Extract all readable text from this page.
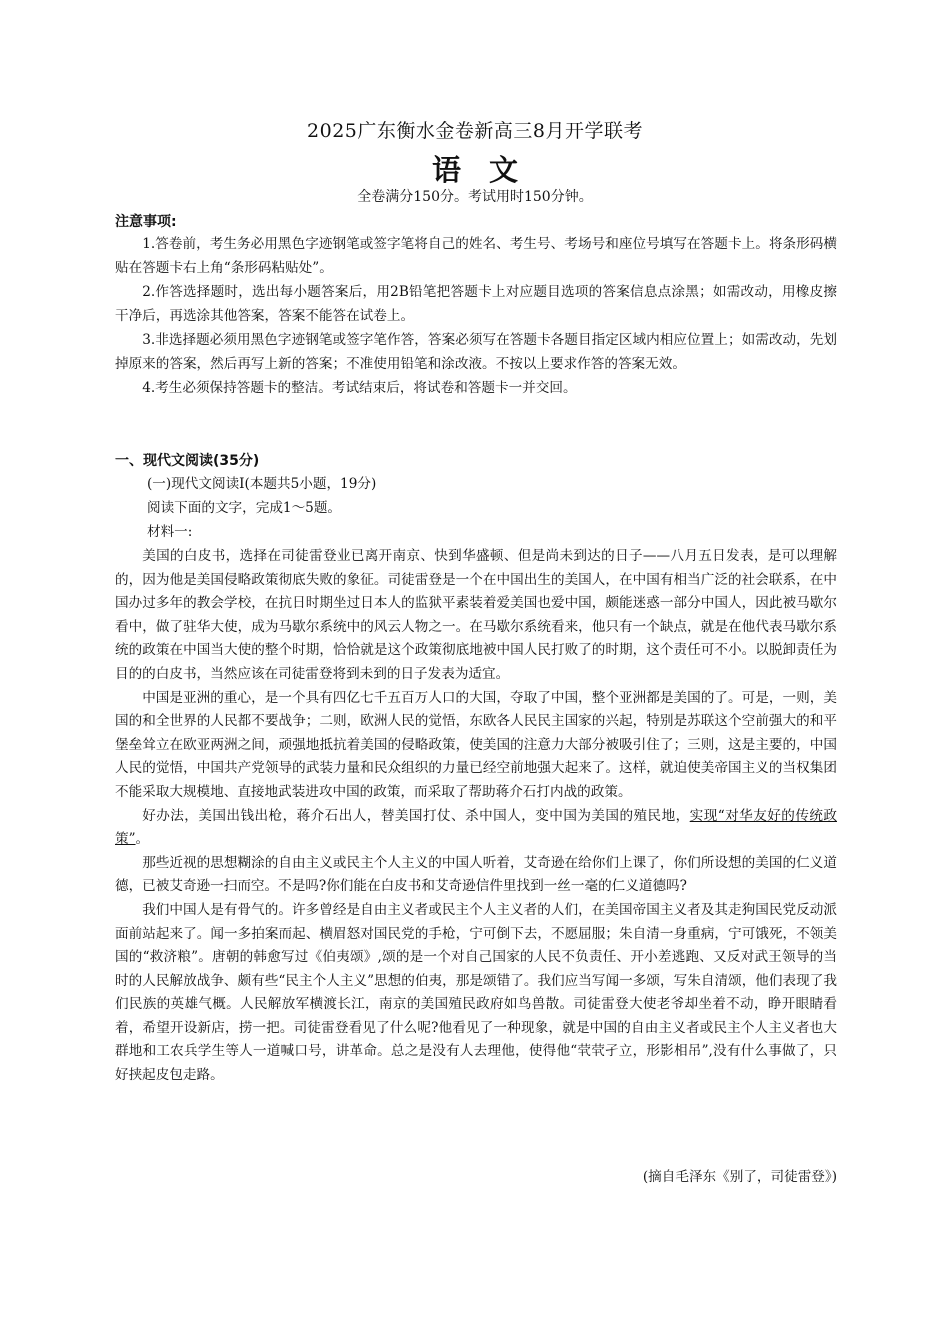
2025广东衡水金卷新高三8月开学联考
语文
全卷满分150分。考试用时150分钟。
注意事项:

1.答卷前，考生务必用黑色字迹钢笔或签字笔将自己的姓名、考生号、考场号和座位号填写在答题卡上。将条形码横贴在答题卡右上角“条形码粘贴处”。

2.作答选择题时，选出每小题答案后，用2B铅笔把答题卡上对应题目选项的答案信息点涂黑；如需改动，用橡皮擦干净后，再选涂其他答案，答案不能答在试卷上。

3.非选择题必须用黑色字迹钢笔或签字笔作答，答案必须写在答题卡各题目指定区域内相应位置上；如需改动，先划掉原来的答案，然后再写上新的答案；不准使用铅笔和涂改液。不按以上要求作答的答案无效。

4.考生必须保持答题卡的整洁。考试结束后，将试卷和答题卡一并交回。

一、现代文阅读(35分)
(一)现代文阅读Ⅰ(本题共5小题，19分)
阅读下面的文字，完成1～5题。
材料一:

美国的白皮书，选择在司徒雷登业已离开南京、快到华盛顿、但是尚未到达的日子——八月五日发表，是可以理解的，因为他是美国侵略政策彻底失败的象征。司徒雷登是一个在中国出生的美国人，在中国有相当广泛的社会联系，在中国办过多年的教会学校，在抗日时期坐过日本人的监狱平素装着爱美国也爱中国，颇能迷惑一部分中国人，因此被马歇尔看中，做了驻华大使，成为马歇尔系统中的风云人物之一。在马歇尔系统看来，他只有一个缺点，就是在他代表马歇尔系统的政策在中国当大使的整个时期，恰恰就是这个政策彻底地被中国人民打败了的时期，这个责任可不小。以脱卸责任为目的的白皮书，当然应该在司徒雷登将到未到的日子发表为适宜。

中国是亚洲的重心，是一个具有四亿七千五百万人口的大国，夺取了中国，整个亚洲都是美国的了。可是，一则，美国的和全世界的人民都不要战争；二则，欧洲人民的觉悟，东欧各人民民主国家的兴起，特别是苏联这个空前强大的和平堡垒耸立在欧亚两洲之间，顽强地抵抗着美国的侵略政策，使美国的注意力大部分被吸引住了；三则，这是主要的，中国人民的觉悟，中国共产党领导的武装力量和民众组织的力量已经空前地强大起来了。这样，就迫使美帝国主义的当权集团不能采取大规模地、直接地武装进攻中国的政策，而采取了帮助蒋介石打内战的政策。

好办法，美国出钱出枪，蒋介石出人，替美国打仗、杀中国人，变中国为美国的殖民地，实现“对华友好的传统政策”。

那些近视的思想糊涂的自由主义或民主个人主义的中国人听着，艾奇逊在给你们上课了，你们所设想的美国的仁义道德，已被艾奇逊一扫而空。不是吗?你们能在白皮书和艾奇逊信件里找到一丝一毫的仁义道德吗?

我们中国人是有骨气的。许多曾经是自由主义者或民主个人主义者的人们，在美国帝国主义者及其走狗国民党反动派面前站起来了。闻一多拍案而起、横眉怒对国民党的手枪，宁可倒下去，不愿屈服；朱自清一身重病，宁可饿死，不领美国的“救济粮”。唐朝的韩愈写过《伯夷颂》,颂的是一个对自己国家的人民不负责任、开小差逃跑、又反对武王领导的当时的人民解放战争、颇有些“民主个人主义”思想的伯夷，那是颂错了。我们应当写闻一多颂，写朱自清颂，他们表现了我们民族的英雄气概。人民解放军横渡长江，南京的美国殖民政府如鸟兽散。司徒雷登大使老爷却坐着不动，睁开眼睛看着，希望开设新店，捞一把。司徒雷登看见了什么呢?他看见了一种现象，就是中国的自由主义者或民主个人主义者也大群地和工农兵学生等人一道喊口号，讲革命。总之是没有人去理他，使得他“茕茕孑立，形影相吊”,没有什么事做了，只好挟起皮包走路。

(摘自毛泽东《别了，司徒雷登》)
